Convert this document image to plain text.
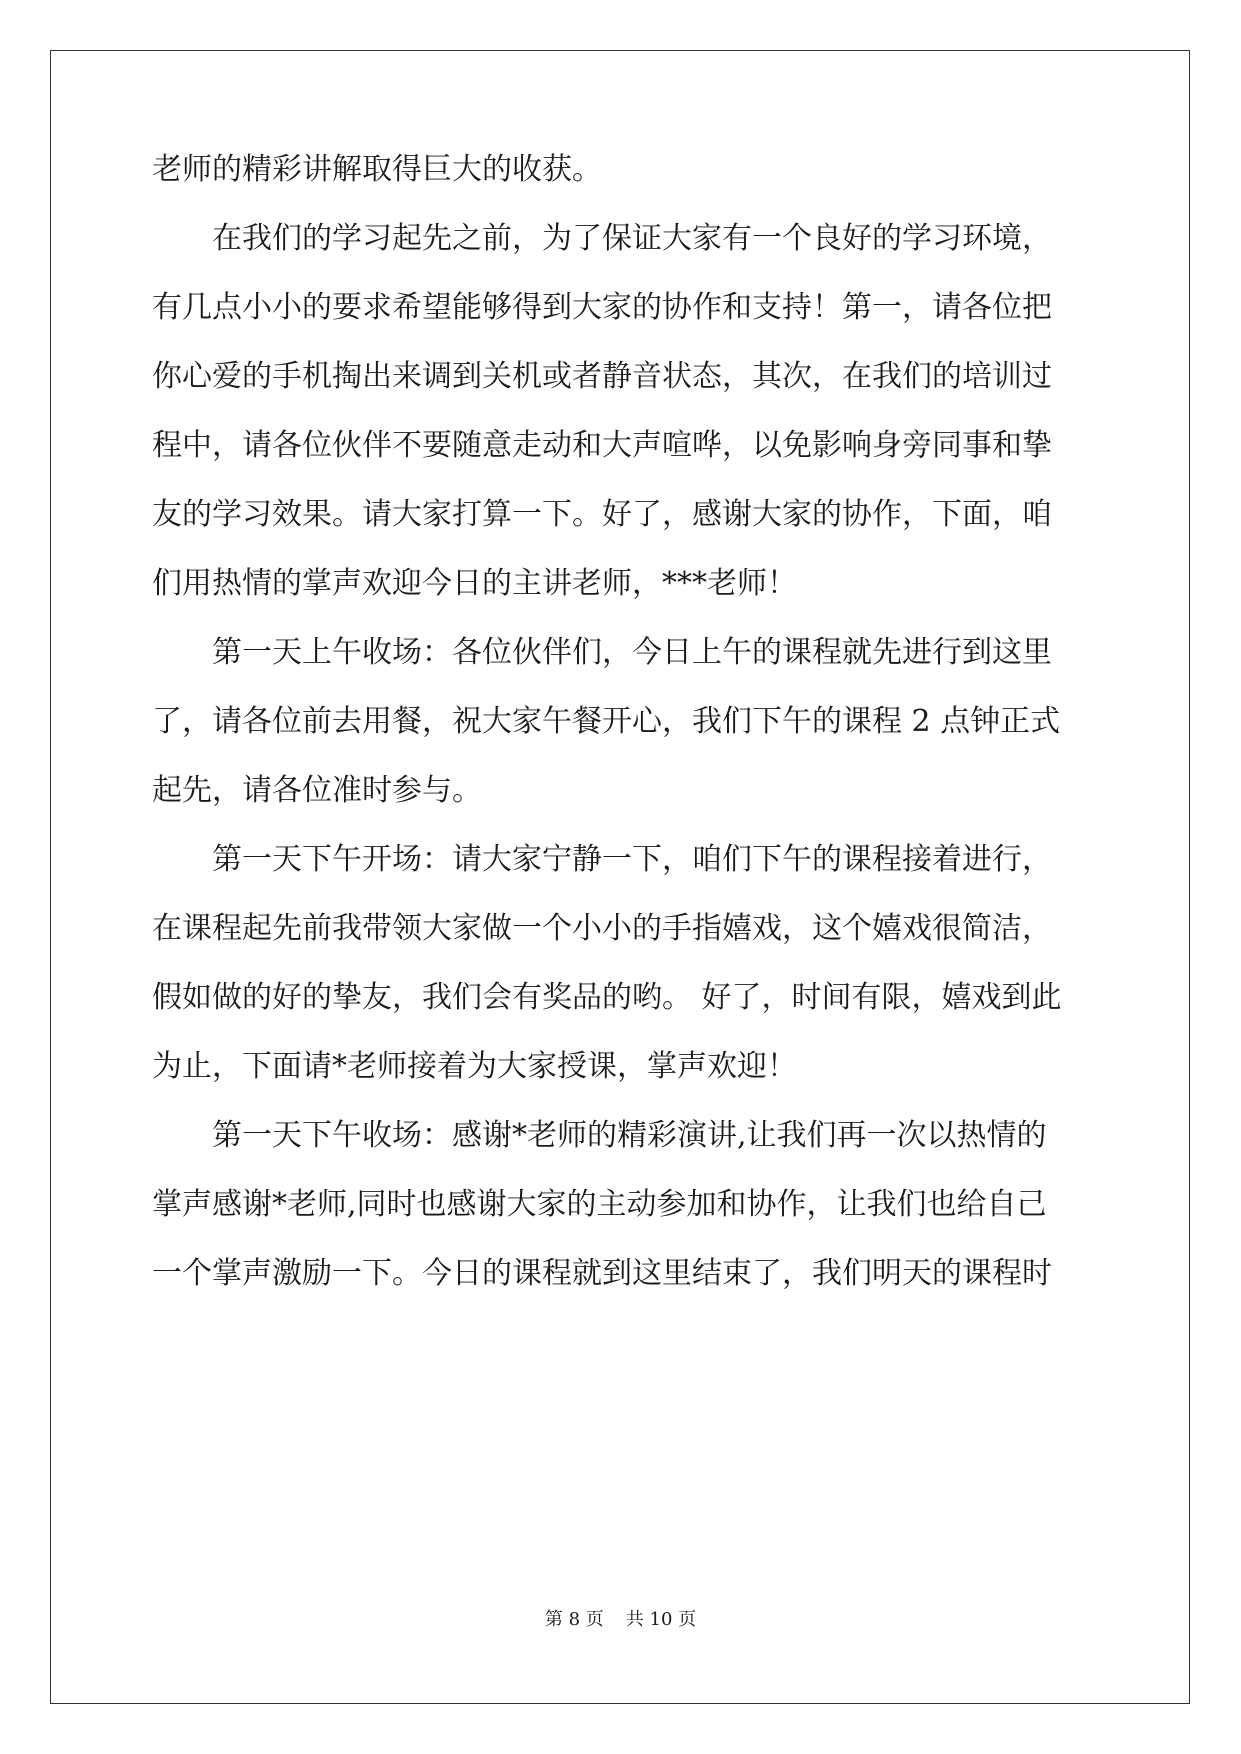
老师的精彩讲解取得巨大的收获。
在我们的学习起先之前，为了保证大家有一个良好的学习环境，
有几点小小的要求希望能够得到大家的协作和支持！第一，请各位把
你心爱的手机掏出来调到关机或者静音状态，其次，在我们的培训过
程中，请各位伙伴不要随意走动和大声喧哗，以免影响身旁同事和挚
友的学习效果。请大家打算一下。好了，感谢大家的协作，下面，咱
们用热情的掌声欢迎今日的主讲老师，***老师！
第一天上午收场：各位伙伴们，今日上午的课程就先进行到这里
了，请各位前去用餐，祝大家午餐开心，我们下午的课程 2 点钟正式
起先，请各位准时参与。
第一天下午开场：请大家宁静一下，咱们下午的课程接着进行，
在课程起先前我带领大家做一个小小的手指嬉戏，这个嬉戏很简洁，
假如做的好的挚友，我们会有奖品的哟。 好了，时间有限，嬉戏到此
为止，下面请*老师接着为大家授课，掌声欢迎！
第一天下午收场：感谢*老师的精彩演讲,让我们再一次以热情的
掌声感谢*老师,同时也感谢大家的主动参加和协作，让我们也给自己
一个掌声激励一下。今日的课程就到这里结束了，我们明天的课程时
第 8 页 共 10 页
